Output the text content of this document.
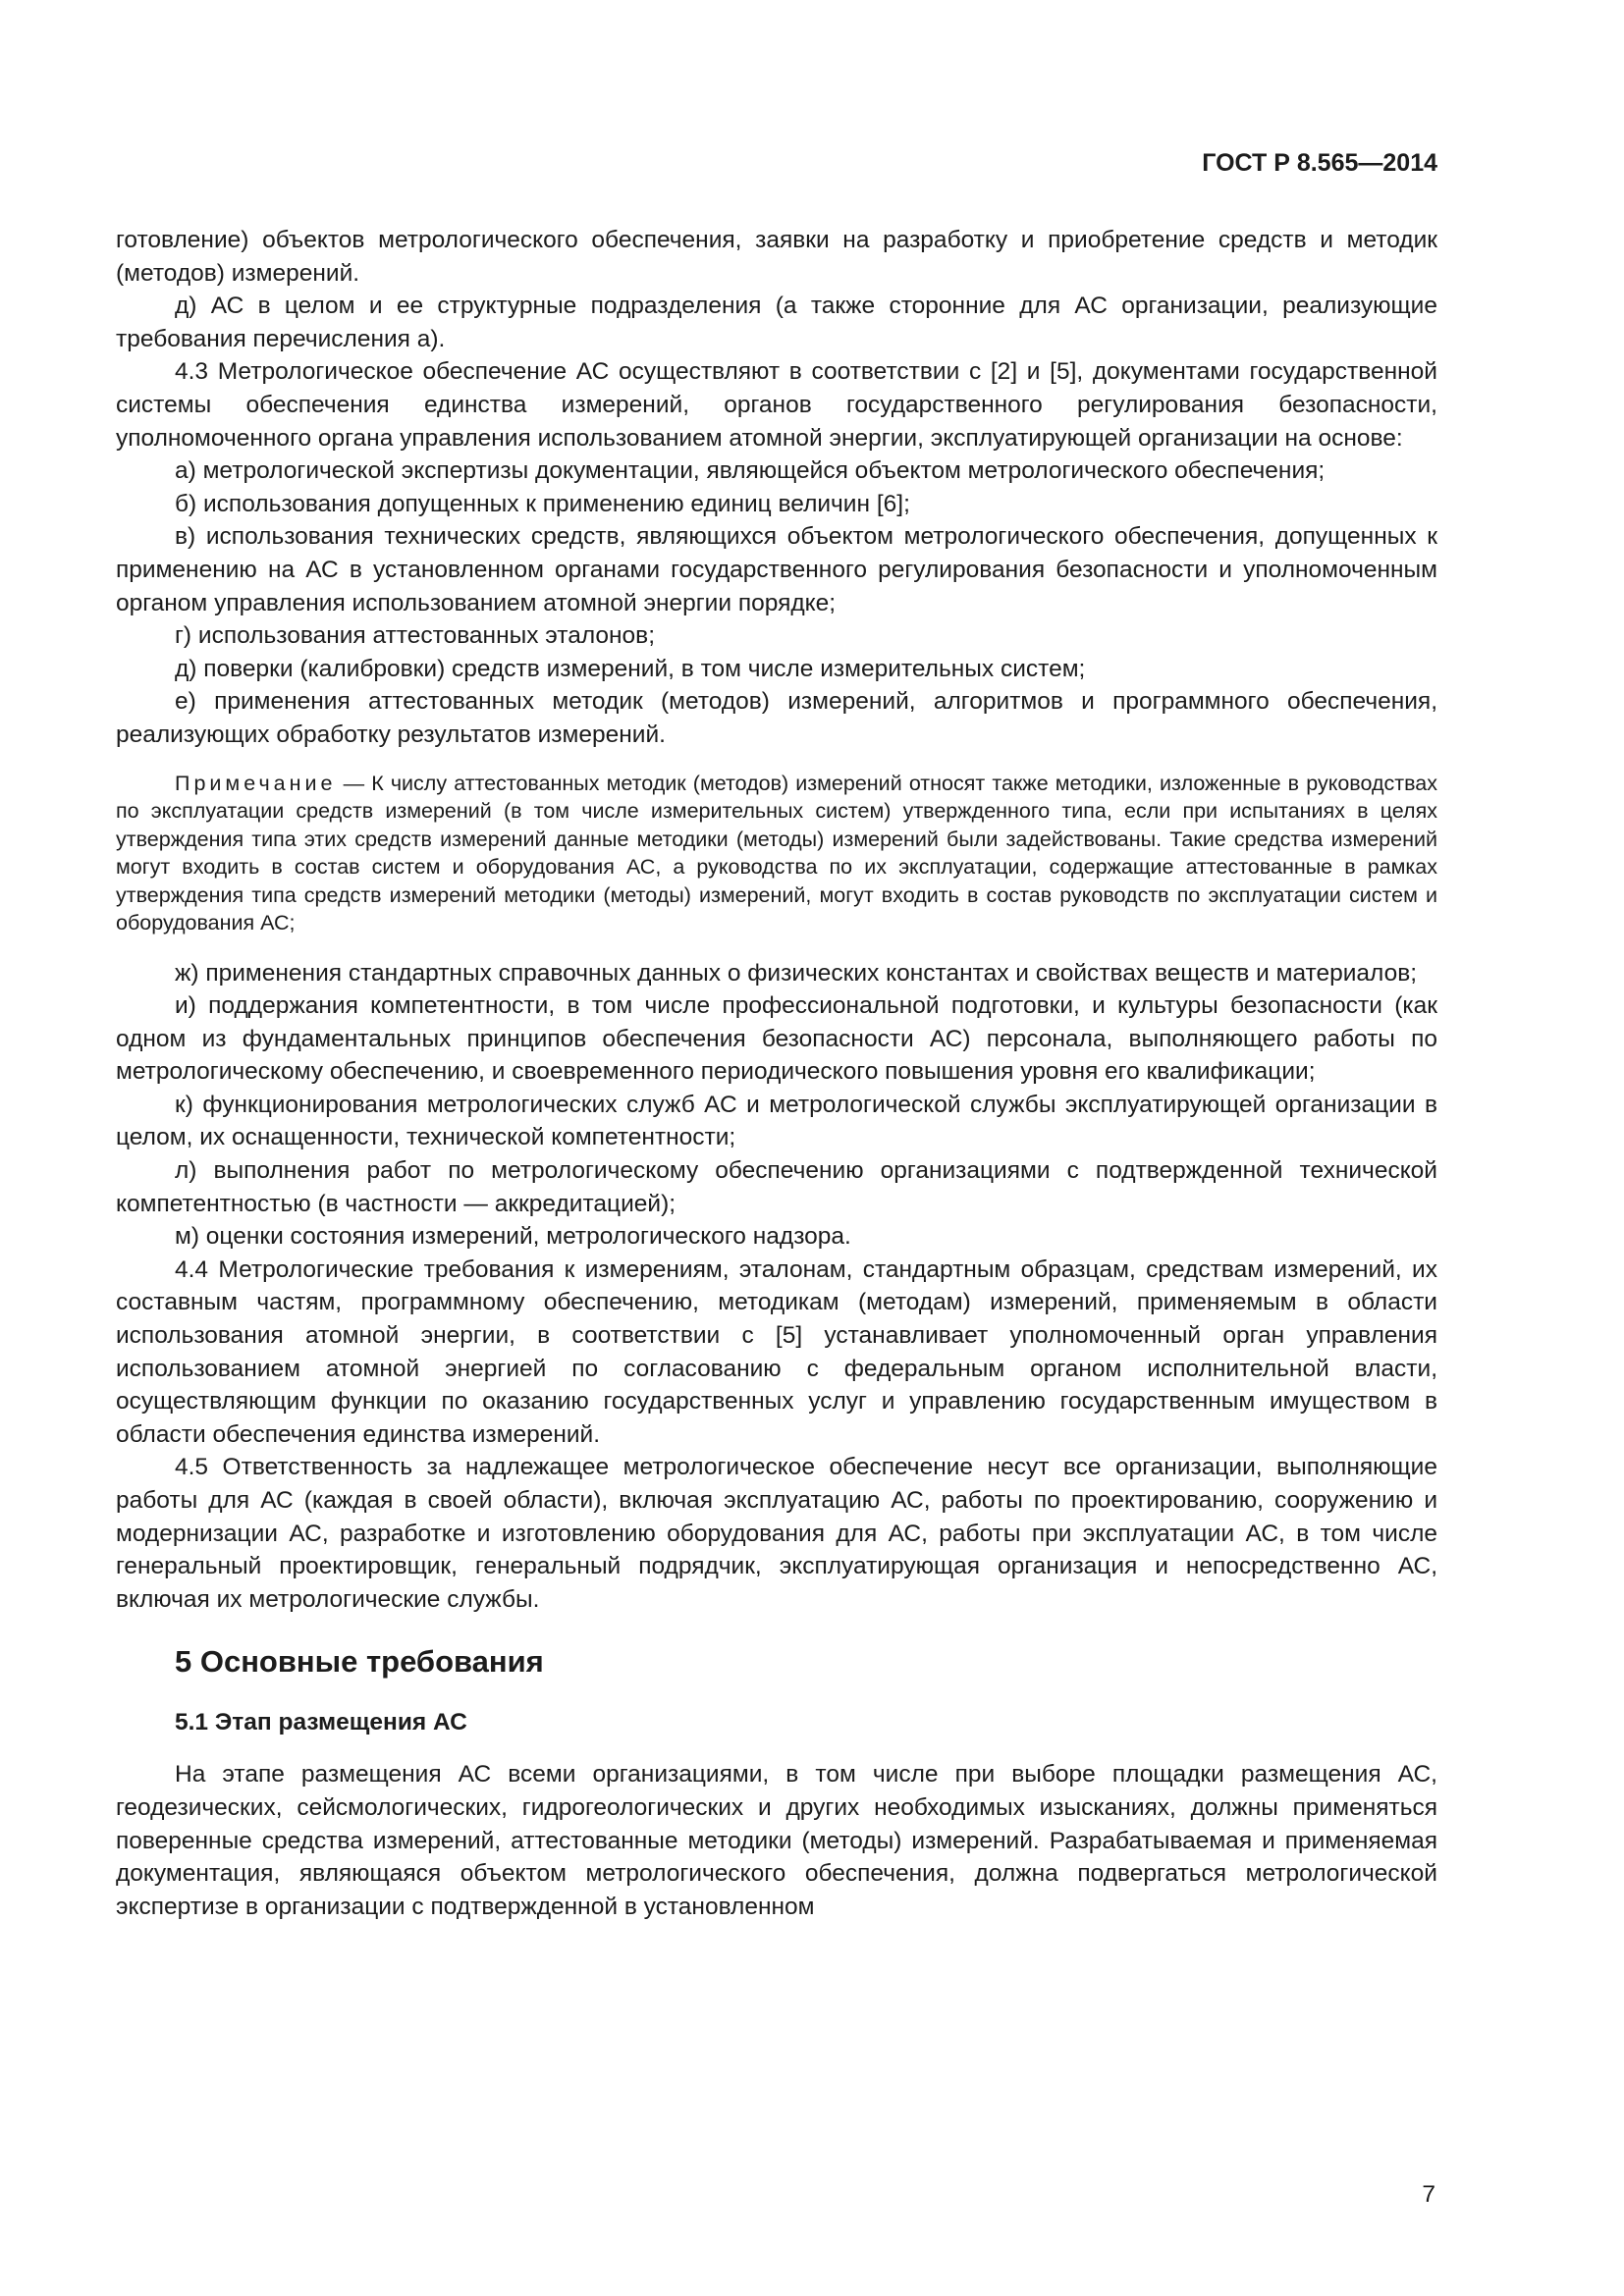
ГОСТ Р 8.565—2014

готовление) объектов метрологического обеспечения, заявки на разработку и приобретение средств и методик (методов) измерений.

д) АС в целом и ее структурные подразделения (а также сторонние для АС организации, реализующие требования перечисления а).

4.3 Метрологическое обеспечение АС осуществляют в соответствии с [2] и [5], документами государственной системы обеспечения единства измерений, органов государственного регулирования безопасности, уполномоченного органа управления использованием атомной энергии, эксплуатирующей организации на основе:

а) метрологической экспертизы документации, являющейся объектом метрологического обеспечения;

б) использования допущенных к применению единиц величин [6];

в) использования технических средств, являющихся объектом метрологического обеспечения, допущенных к применению на АС в установленном органами государственного регулирования безопасности и уполномоченным органом управления использованием атомной энергии порядке;

г) использования аттестованных эталонов;

д) поверки (калибровки) средств измерений, в том числе измерительных систем;

е) применения аттестованных методик (методов) измерений, алгоритмов и программного обеспечения, реализующих обработку результатов измерений.

Примечание — К числу аттестованных методик (методов) измерений относят также методики, изложенные в руководствах по эксплуатации средств измерений (в том числе измерительных систем) утвержденного типа, если при испытаниях в целях утверждения типа этих средств измерений данные методики (методы) измерений были задействованы. Такие средства измерений могут входить в состав систем и оборудования АС, а руководства по их эксплуатации, содержащие аттестованные в рамках утверждения типа средств измерений методики (методы) измерений, могут входить в состав руководств по эксплуатации систем и оборудования АС;

ж) применения стандартных справочных данных о физических константах и свойствах веществ и материалов;

и) поддержания компетентности, в том числе профессиональной подготовки, и культуры безопасности (как одном из фундаментальных принципов обеспечения безопасности АС) персонала, выполняющего работы по метрологическому обеспечению, и своевременного периодического повышения уровня его квалификации;

к) функционирования метрологических служб АС и метрологической службы эксплуатирующей организации в целом, их оснащенности, технической компетентности;

л) выполнения работ по метрологическому обеспечению организациями с подтвержденной технической компетентностью (в частности — аккредитацией);

м) оценки состояния измерений, метрологического надзора.

4.4 Метрологические требования к измерениям, эталонам, стандартным образцам, средствам измерений, их составным частям, программному обеспечению, методикам (методам) измерений, применяемым в области использования атомной энергии, в соответствии с [5] устанавливает уполномоченный орган управления использованием атомной энергией по согласованию с федеральным органом исполнительной власти, осуществляющим функции по оказанию государственных услуг и управлению государственным имуществом в области обеспечения единства измерений.

4.5 Ответственность за надлежащее метрологическое обеспечение несут все организации, выполняющие работы для АС (каждая в своей области), включая эксплуатацию АС, работы по проектированию, сооружению и модернизации АС, разработке и изготовлению оборудования для АС, работы при эксплуатации АС, в том числе генеральный проектировщик, генеральный подрядчик, эксплуатирующая организация и непосредственно АС, включая их метрологические службы.

5 Основные требования
5.1 Этап размещения АС

На этапе размещения АС всеми организациями, в том числе при выборе площадки размещения АС, геодезических, сейсмологических, гидрогеологических и других необходимых изысканиях, должны применяться поверенные средства измерений, аттестованные методики (методы) измерений. Разрабатываемая и применяемая документация, являющаяся объектом метрологического обеспечения, должна подвергаться метрологической экспертизе в организации с подтвержденной в установленном

7
